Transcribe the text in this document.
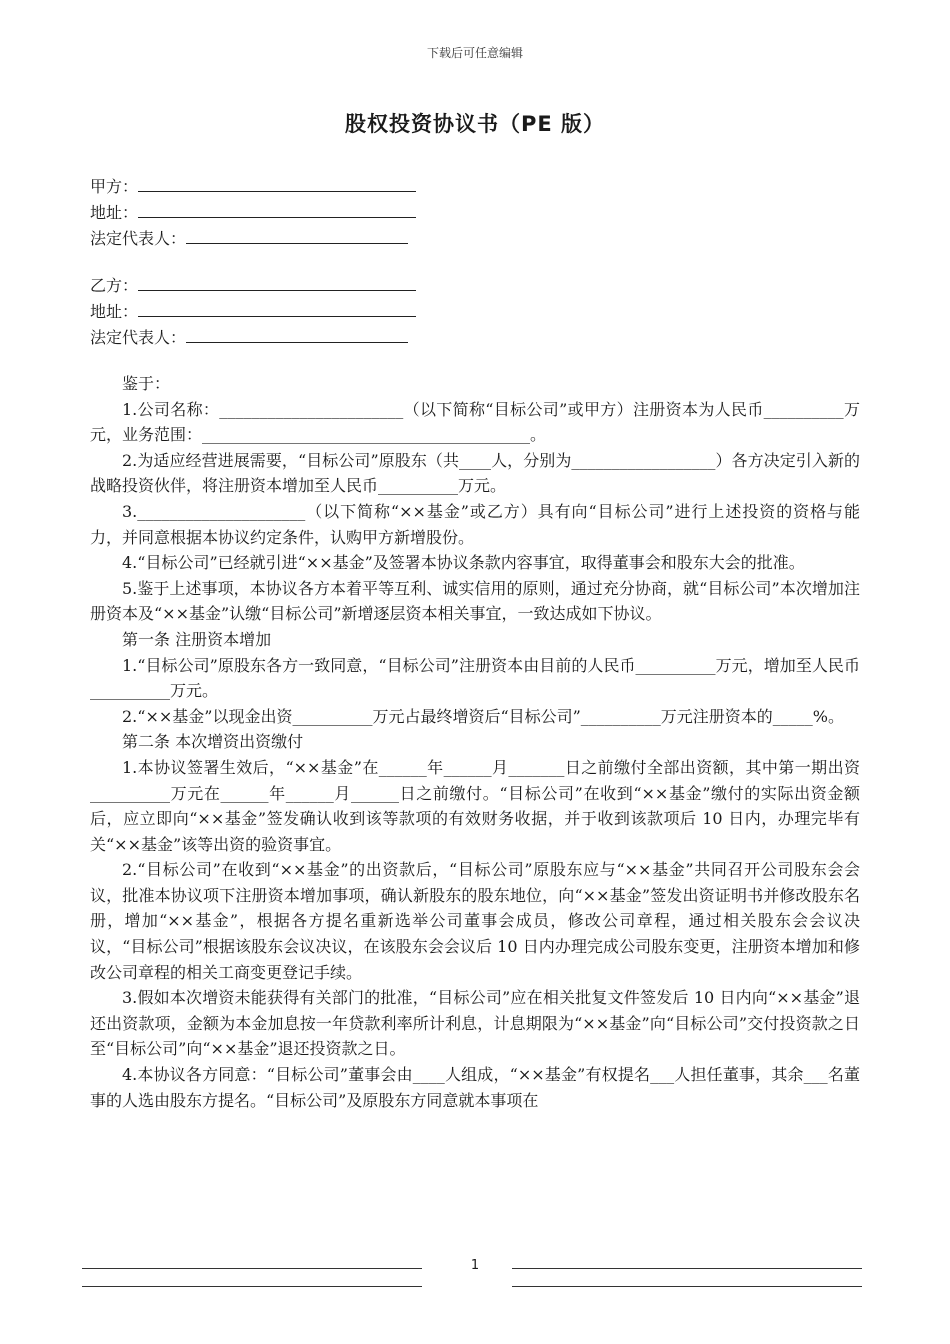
下载后可任意编辑
股权投资协议书（PE 版）
甲方：
地址：
法定代表人：
乙方：
地址：
法定代表人：

鉴于：

1.公司名称：_______________________（以下简称“目标公司”或甲方）注册资本为人民币__________万元，业务范围：_________________________________________。

2.为适应经营进展需要，“目标公司”原股东（共____人，分别为__________________）各方决定引入新的战略投资伙伴，将注册资本增加至人民币__________万元。

3._____________________（以下简称“××基金”或乙方）具有向“目标公司”进行上述投资的资格与能力，并同意根据本协议约定条件，认购甲方新增股份。

4.“目标公司”已经就引进“××基金”及签署本协议条款内容事宜，取得董事会和股东大会的批准。

5.鉴于上述事项，本协议各方本着平等互利、诚实信用的原则，通过充分协商，就“目标公司”本次增加注册资本及“××基金”认缴“目标公司”新增逐层资本相关事宜，一致达成如下协议。

第一条 注册资本增加

1.“目标公司”原股东各方一致同意，“目标公司”注册资本由目前的人民币__________万元，增加至人民币__________万元。

2.“××基金”以现金出资__________万元占最终增资后“目标公司”__________万元注册资本的_____%。

第二条 本次增资出资缴付

1.本协议签署生效后，“××基金”在______年______月_______日之前缴付全部出资额，其中第一期出资__________万元在______年______月______日之前缴付。“目标公司”在收到“××基金”缴付的实际出资金额后，应立即向“××基金”签发确认收到该等款项的有效财务收据，并于收到该款项后 10 日内，办理完毕有关“××基金”该等出资的验资事宜。

2.“目标公司”在收到“××基金”的出资款后，“目标公司”原股东应与“××基金”共同召开公司股东会会议，批准本协议项下注册资本增加事项，确认新股东的股东地位，向“××基金”签发出资证明书并修改股东名册，增加“××基金”，根据各方提名重新选举公司董事会成员，修改公司章程，通过相关股东会会议决议，“目标公司”根据该股东会议决议，在该股东会会议后 10 日内办理完成公司股东变更，注册资本增加和修改公司章程的相关工商变更登记手续。

3.假如本次增资未能获得有关部门的批准，“目标公司”应在相关批复文件签发后 10 日内向“××基金”退还出资款项，金额为本金加息按一年贷款利率所计利息，计息期限为“××基金”向“目标公司”交付投资款之日至“目标公司”向“××基金”退还投资款之日。

4.本协议各方同意：“目标公司”董事会由____人组成，“××基金”有权提名___人担任董事，其余___名董事的人选由股东方提名。“目标公司”及原股东方同意就本事项在

1
